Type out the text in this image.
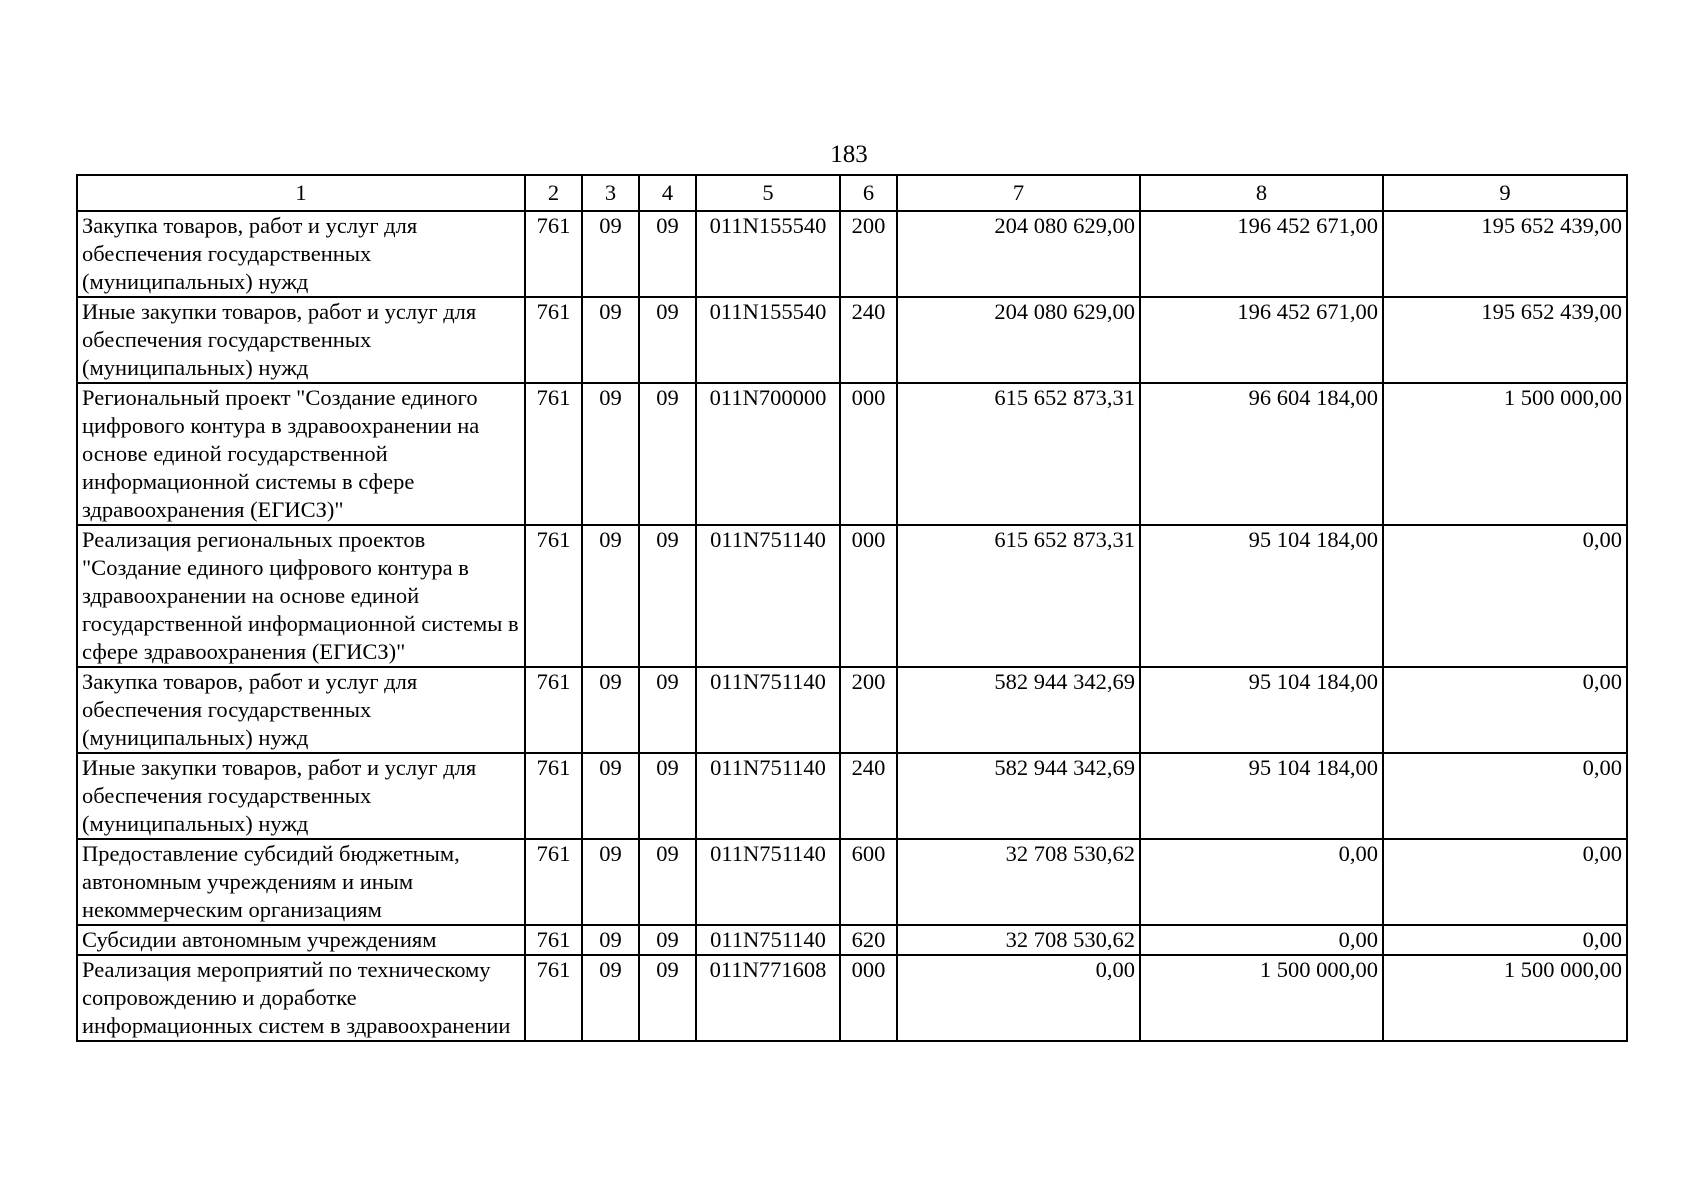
183
1	2	3	4	5	6	7	8	9
Закупка товаров, работ и услуг для обеспечения государственных (муниципальных) нужд	761	09	09	011N155540	200	204 080 629,00	196 452 671,00	195 652 439,00
Иные закупки товаров, работ и услуг для обеспечения государственных (муниципальных) нужд	761	09	09	011N155540	240	204 080 629,00	196 452 671,00	195 652 439,00
Региональный проект "Создание единого цифрового контура в здравоохранении на основе единой государственной информационной системы в сфере здравоохранения (ЕГИСЗ)"	761	09	09	011N700000	000	615 652 873,31	96 604 184,00	1 500 000,00
Реализация региональных проектов "Создание единого цифрового контура в здравоохранении на основе единой государственной информационной системы в сфере здравоохранения (ЕГИСЗ)"	761	09	09	011N751140	000	615 652 873,31	95 104 184,00	0,00
Закупка товаров, работ и услуг для обеспечения государственных (муниципальных) нужд	761	09	09	011N751140	200	582 944 342,69	95 104 184,00	0,00
Иные закупки товаров, работ и услуг для обеспечения государственных (муниципальных) нужд	761	09	09	011N751140	240	582 944 342,69	95 104 184,00	0,00
Предоставление субсидий бюджетным, автономным учреждениям и иным некоммерческим организациям	761	09	09	011N751140	600	32 708 530,62	0,00	0,00
Субсидии автономным учреждениям	761	09	09	011N751140	620	32 708 530,62	0,00	0,00
Реализация мероприятий по техническому сопровождению и доработке информационных систем в здравоохранении	761	09	09	011N771608	000	0,00	1 500 000,00	1 500 000,00
